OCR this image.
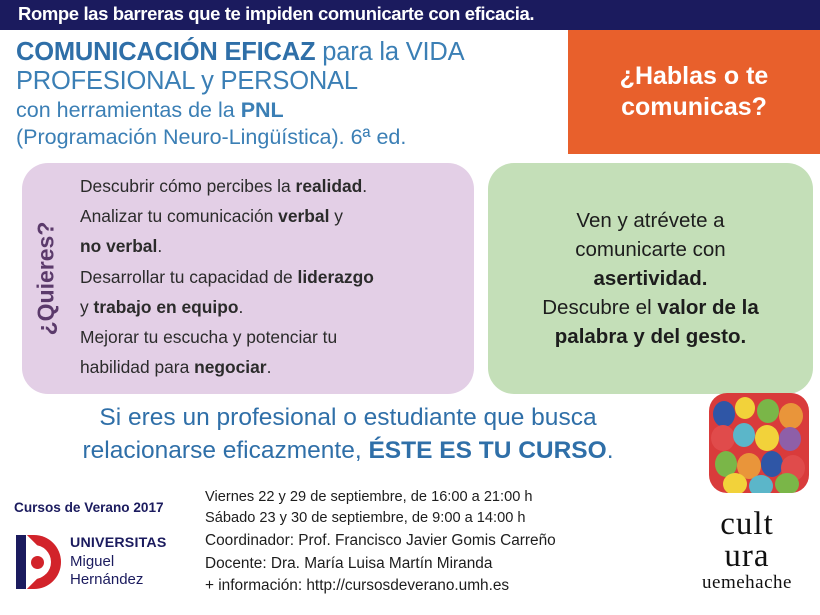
Rompe las barreras que te impiden comunicarte con eficacia.
¿Hablas o te
comunicas?
COMUNICACIÓN EFICAZ para la VIDA
PROFESIONAL y PERSONAL
con herramientas de la PNL
(Programación Neuro-Lingüística). 6ª ed.
¿Quieres?
Descubrir cómo percibes la realidad.
Analizar tu comunicación verbal y
no verbal.
Desarrollar tu capacidad de liderazgo
y trabajo en equipo.
Mejorar tu escucha y potenciar tu
habilidad para negociar.
Ven y atrévete a
comunicarte con
asertividad.
Descubre el valor de la
palabra y del gesto.
Si eres un profesional o estudiante que busca
relacionarse eficazmente, ÉSTE ES TU CURSO.
Cursos de Verano 2017
UNIVERSITAS
Miguel
Hernández
Viernes 22 y 29 de septiembre, de 16:00 a 21:00 h
Sábado 23 y 30 de septiembre, de 9:00 a 14:00 h
Coordinador: Prof. Francisco Javier Gomis Carreño
Docente: Dra. María Luisa Martín Miranda
+ información: http://cursosdeverano.umh.es
cult
ura
uemehache
